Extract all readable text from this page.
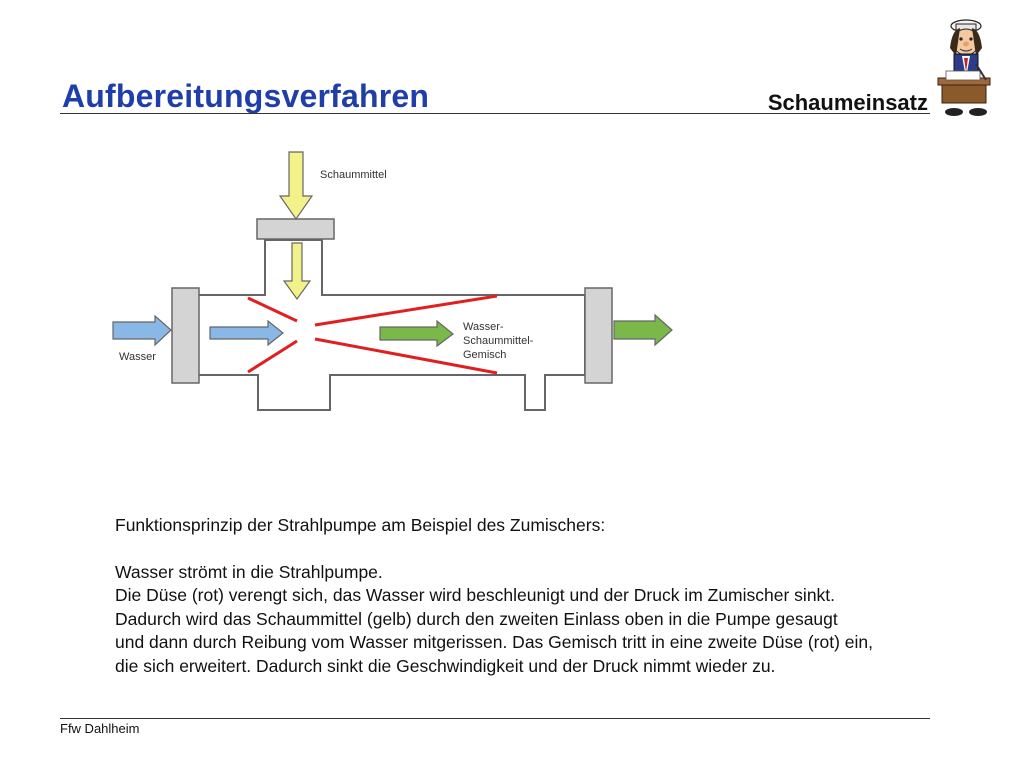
Aufbereitungsverfahren	Schaumeinsatz
Schaummittel
Wasser
Wasser-
Schaummittel-
Gemisch

Funktionsprinzip der Strahlpumpe am Beispiel des Zumischers:

Wasser strömt in die Strahlpumpe.

Die Düse (rot) verengt sich, das Wasser wird beschleunigt und der Druck im Zumischer sinkt.

Dadurch wird das Schaummittel (gelb) durch den zweiten Einlass oben in die Pumpe gesaugt

und dann durch Reibung vom Wasser mitgerissen. Das Gemisch tritt in eine zweite Düse (rot) ein,

die sich erweitert. Dadurch sinkt die Geschwindigkeit und der Druck nimmt wieder zu.

Ffw Dahlheim
